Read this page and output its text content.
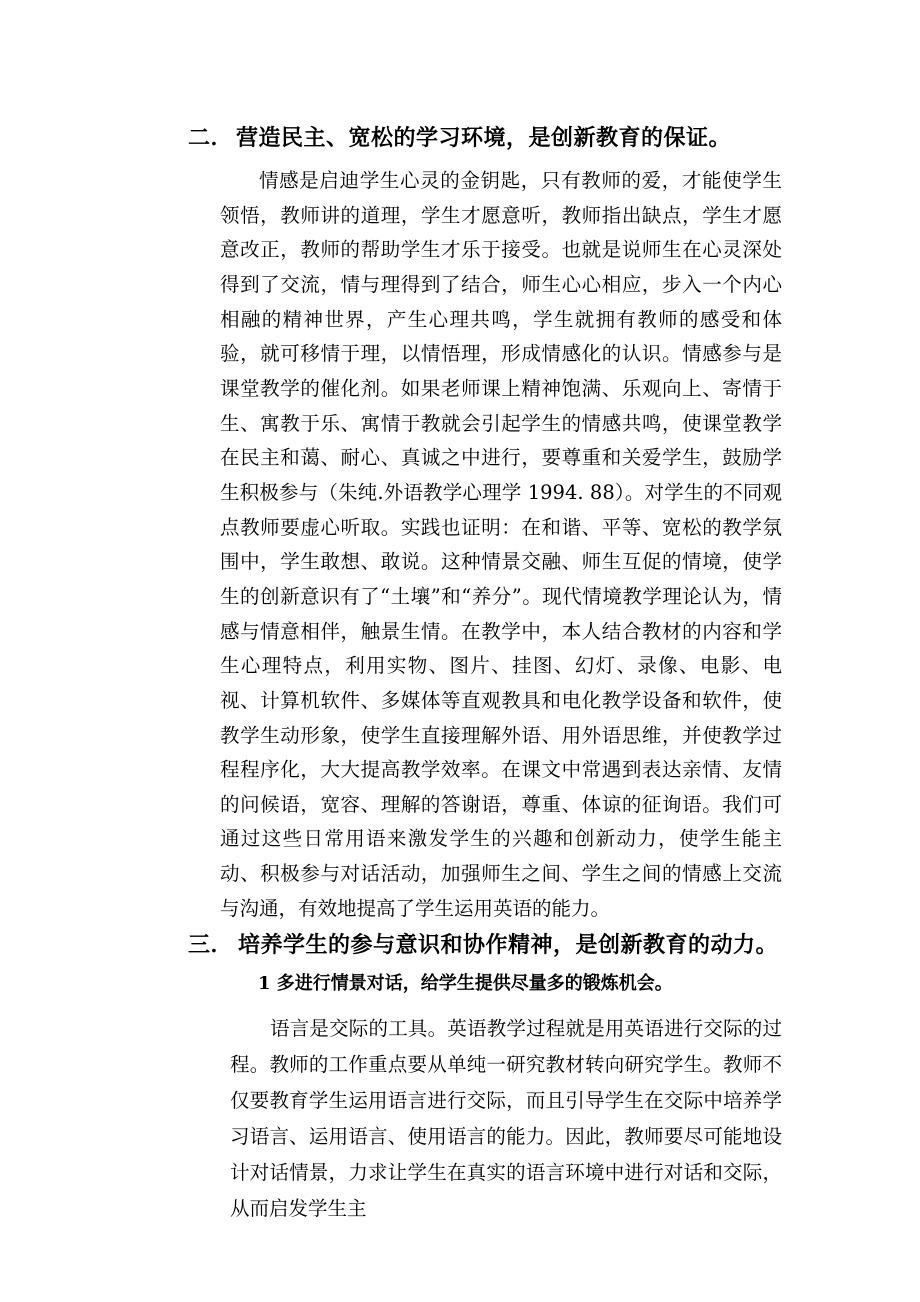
二． 营造民主、宽松的学习环境，是创新教育的保证。

情感是启迪学生心灵的金钥匙，只有教师的爱，才能使学生领悟，教师讲的道理，学生才愿意听，教师指出缺点，学生才愿意改正，教师的帮助学生才乐于接受。也就是说师生在心灵深处得到了交流，情与理得到了结合，师生心心相应，步入一个内心相融的精神世界，产生心理共鸣，学生就拥有教师的感受和体验，就可移情于理，以情悟理，形成情感化的认识。情感参与是课堂教学的催化剂。如果老师课上精神饱满、乐观向上、寄情于生、寓教于乐、寓情于教就会引起学生的情感共鸣，使课堂教学在民主和蔼、耐心、真诚之中进行，要尊重和关爱学生，鼓励学生积极参与（朱纯.外语教学心理学 1994. 88）。对学生的不同观点教师要虚心听取。实践也证明：在和谐、平等、宽松的教学氛围中，学生敢想、敢说。这种情景交融、师生互促的情境，使学生的创新意识有了“土壤”和“养分”。现代情境教学理论认为，情感与情意相伴，触景生情。在教学中，本人结合教材的内容和学生心理特点，利用实物、图片、挂图、幻灯、录像、电影、电视、计算机软件、多媒体等直观教具和电化教学设备和软件，使教学生动形象，使学生直接理解外语、用外语思维，并使教学过程程序化，大大提高教学效率。在课文中常遇到表达亲情、友情的问候语，宽容、理解的答谢语，尊重、体谅的征询语。我们可通过这些日常用语来激发学生的兴趣和创新动力，使学生能主动、积极参与对话活动，加强师生之间、学生之间的情感上交流与沟通，有效地提高了学生运用英语的能力。

三． 培养学生的参与意识和协作精神，是创新教育的动力。
1 多进行情景对话，给学生提供尽量多的锻炼机会。

语言是交际的工具。英语教学过程就是用英语进行交际的过程。教师的工作重点要从单纯一研究教材转向研究学生。教师不仅要教育学生运用语言进行交际，而且引导学生在交际中培养学习语言、运用语言、使用语言的能力。因此，教师要尽可能地设计对话情景，力求让学生在真实的语言环境中进行对话和交际，从而启发学生主
